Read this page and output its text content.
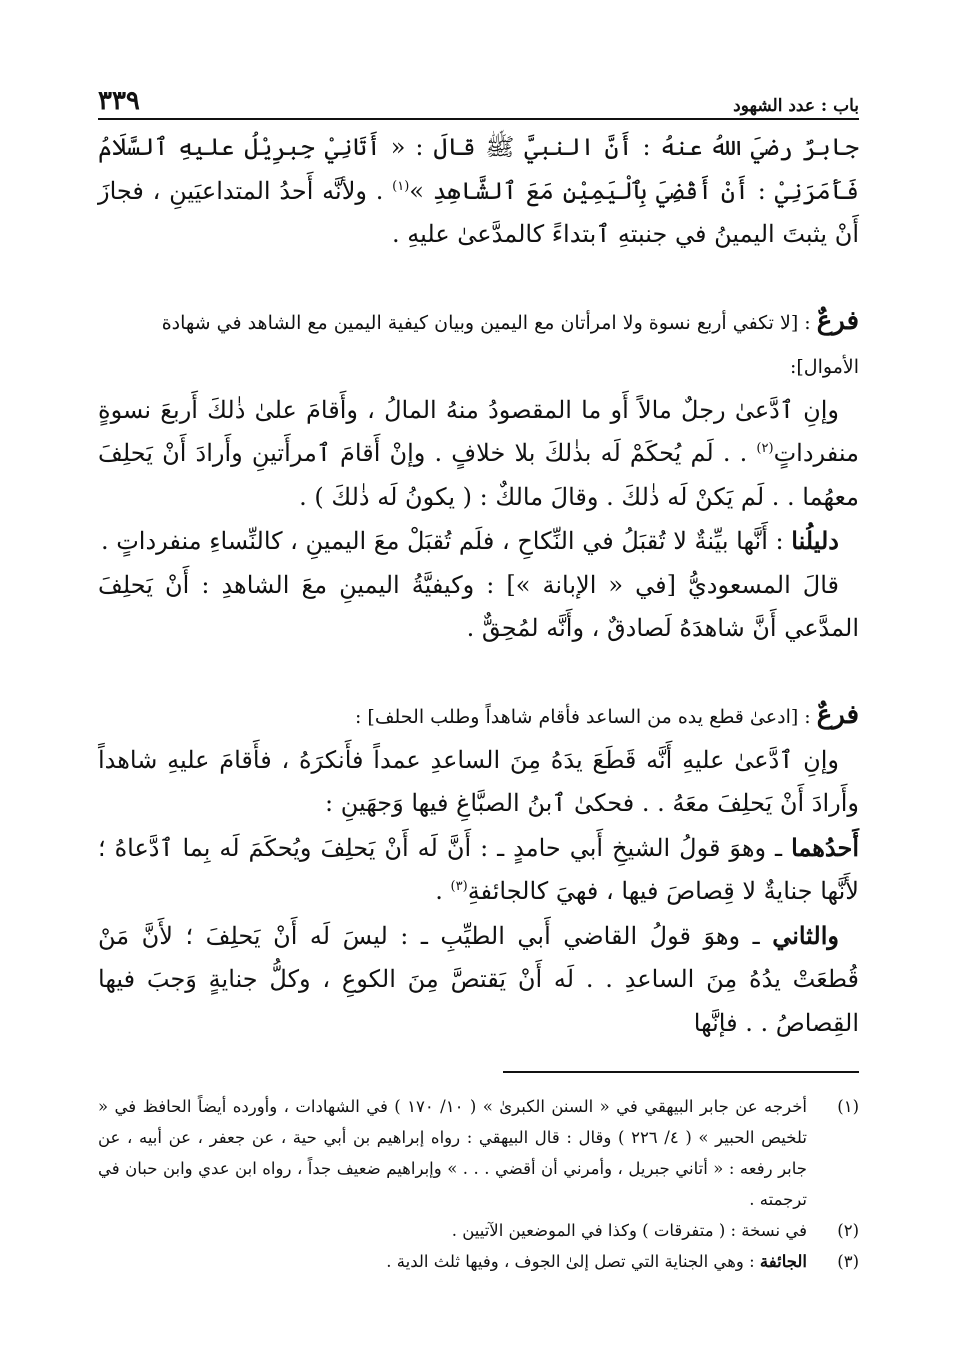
باب : عدد الشهود
٣٣٩

جابرٌ رضيَ اللهُ عنهُ : أَنَّ النبيَّ ﷺ قالَ : « أَتَانِيْ جِبرِيْلُ عليهِ ٱلسَّلَامُ فَأَمَرَنِيْ : أَنْ أَقْضِيَ بِٱلْيَمِيْنِ مَعَ ٱلشَّاهِدِ »$^{(١)}$ . ولأنَّه أَحدُ المتداعيَينِ ، فجازَ أَنْ يثبتَ اليمينُ في جنبتهِ ٱبتداءً كالمدَّعىٰ عليهِ .

فرعٌ: [لا تكفي أربع نسوة ولا امرأتان مع اليمين وبيان كيفية اليمين مع الشاهد في شهادة الأموال]:

وإنِ ٱدَّعىٰ رجلٌ مالاً أَو ما المقصودُ منهُ المالُ ، وأَقامَ علىٰ ذٰلكَ أَربعَ نسوةٍ منفرداتٍ$^{(٢)}$ . . لَم يُحكَمْ لَه بذٰلكَ بلا خلافٍ . وإنْ أَقامَ ٱمرأَتينِ وأَرادَ أَنْ يَحلِفَ معهُما . . لَم يَكنْ لَه ذٰلكَ . وقالَ مالكٌ : ( يكونُ لَه ذٰلكَ ) .

دليلُنا : أَنَّها بيِّنةٌ لا تُقبَلُ في النِّكاحِ ، فلَم تُقبَلْ معَ اليمينِ ، كالنِّساءِ منفرداتٍ .

قالَ المسعوديُّ [في « الإبانة »] : وكيفيَّةُ اليمينِ معَ الشاهدِ : أَنْ يَحلِفَ المدَّعي أَنَّ شاهدَهُ لَصادقٌ ، وأَنَّه لمُحِقٌّ .

فرعٌ: [ادعىٰ قطع يده من الساعد فأقام شاهداً وطلب الحلف] :

وإنِ ٱدَّعىٰ عليهِ أَنَّه قَطَعَ يدَهُ مِنَ الساعدِ عمداً فأَنكرَهُ ، فأَقامَ عليهِ شاهداً وأَرادَ أَنْ يَحلِفَ معَهُ . . فحكىٰ ٱبنُ الصبَّاغِ فيها وَجهَينِ :

أَحدُهما ـ وهوَ قولُ الشيخِ أَبي حامدٍ ـ : أَنَّ لَه أَنْ يَحلِفَ ويُحكَمَ لَه بِما ٱدَّعاهُ ؛ لأَنَّها جنايةٌ لا قِصاصَ فيها ، فهيَ كالجائفةِ$^{(٣)}$ .

والثاني ـ وهوَ قولُ القاضي أَبي الطيِّبِ ـ : ليسَ لَه أَنْ يَحلِفَ ؛ لأَنَّ مَنْ قُطعَتْ يدُهُ مِنَ الساعدِ . . لَه أَنْ يَقتصَّ مِنَ الكوعِ ، وكلُّ جنايةٍ وَجبَ فيها القِصاصُ . . فإنَّها

(١)
أخرجه عن جابر البيهقي في « السنن الكبرىٰ » ( ١٠/ ١٧٠ ) في الشهادات ، وأورده أيضاً الحافظ في « تلخيص الحبير » ( ٤/ ٢٢٦ ) وقال : قال البيهقي : رواه إبراهيم بن أبي حية ، عن جعفر ، عن أبيه ، عن جابر رفعه : « أتاني جبريل ، وأمرني أن أقضي . . . » وإبراهيم ضعيف جداً ، رواه ابن عدي وابن حبان في ترجمته .
(٢)
في نسخة : ( متفرقات ) وكذا في الموضعين الآتيين .
(٣)
الجائفة : وهي الجناية التي تصل إلىٰ الجوف ، وفيها ثلث الدية .
